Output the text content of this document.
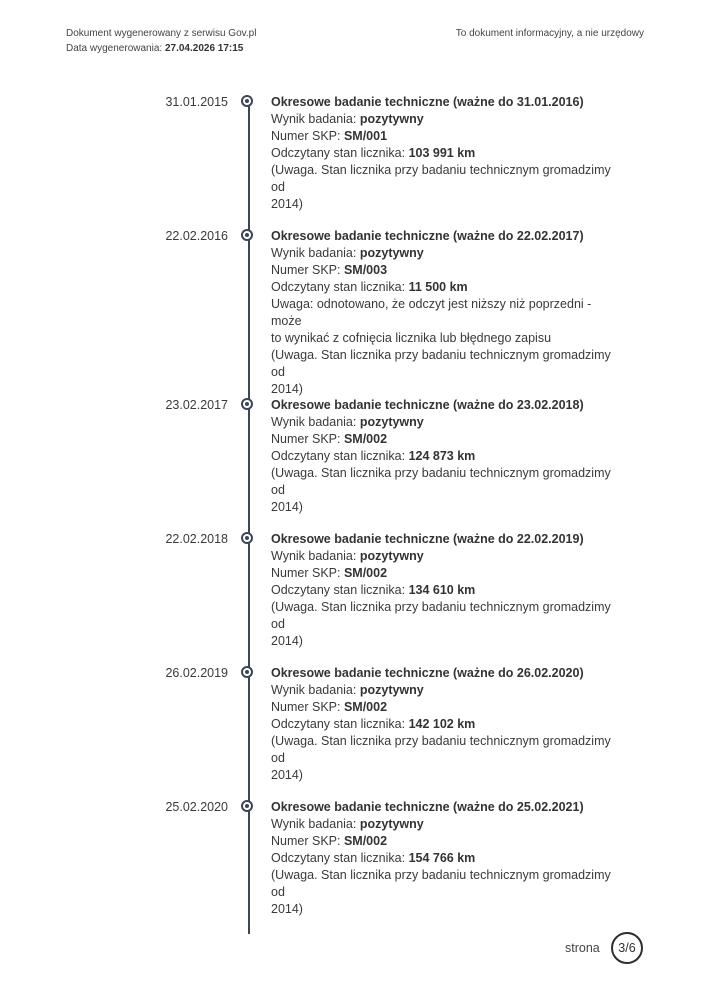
Dokument wygenerowany z serwisu Gov.pl
Data wygenerowania: 27.04.2026 17:15
To dokument informacyjny, a nie urzędowy
31.01.2015	Okresowe badanie techniczne (ważne do 31.01.2016)
Wynik badania: pozytywny
Numer SKP: SM/001
Odczytany stan licznika: 103 991 km
(Uwaga. Stan licznika przy badaniu technicznym gromadzimy od
2014)
22.02.2016	Okresowe badanie techniczne (ważne do 22.02.2017)
Wynik badania: pozytywny
Numer SKP: SM/003
Odczytany stan licznika: 11 500 km
Uwaga: odnotowano, że odczyt jest niższy niż poprzedni - może
to wynikać z cofnięcia licznika lub błędnego zapisu
(Uwaga. Stan licznika przy badaniu technicznym gromadzimy od
2014)
23.02.2017	Okresowe badanie techniczne (ważne do 23.02.2018)
Wynik badania: pozytywny
Numer SKP: SM/002
Odczytany stan licznika: 124 873 km
(Uwaga. Stan licznika przy badaniu technicznym gromadzimy od
2014)
22.02.2018	Okresowe badanie techniczne (ważne do 22.02.2019)
Wynik badania: pozytywny
Numer SKP: SM/002
Odczytany stan licznika: 134 610 km
(Uwaga. Stan licznika przy badaniu technicznym gromadzimy od
2014)
26.02.2019	Okresowe badanie techniczne (ważne do 26.02.2020)
Wynik badania: pozytywny
Numer SKP: SM/002
Odczytany stan licznika: 142 102 km
(Uwaga. Stan licznika przy badaniu technicznym gromadzimy od
2014)
25.02.2020	Okresowe badanie techniczne (ważne do 25.02.2021)
Wynik badania: pozytywny
Numer SKP: SM/002
Odczytany stan licznika: 154 766 km
(Uwaga. Stan licznika przy badaniu technicznym gromadzimy od
2014)
strona	3/6
